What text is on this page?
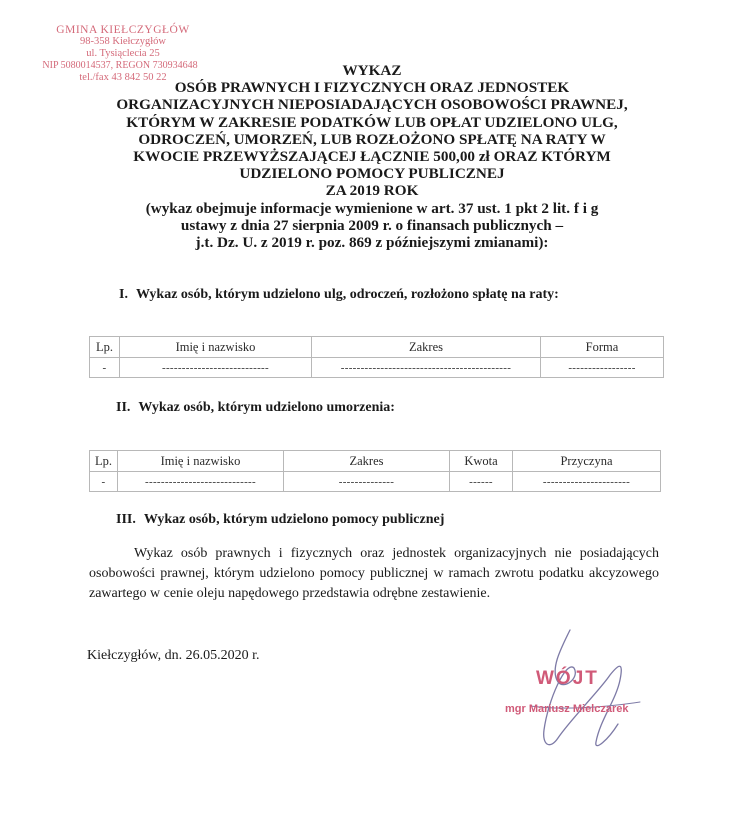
GMINA KIEŁCZYGŁÓW
98-358 Kiełczygłów
ul. Tysiąclecia 25
NIP 5080014537, REGON 730934648
tel./fax 43 842 50 22	WYKAZ
OSÓB PRAWNYCH I FIZYCZNYCH ORAZ JEDNOSTEK
ORGANIZACYJNYCH NIEPOSIADAJĄCYCH OSOBOWOŚCI PRAWNEJ,
KTÓRYM W ZAKRESIE PODATKÓW LUB OPŁAT UDZIELONO ULG,
ODROCZEŃ, UMORZEŃ, LUB ROZŁOŻONO SPŁATĘ NA RATY W
KWOCIE PRZEWYŻSZAJĄCEJ ŁĄCZNIE 500,00 zł ORAZ KTÓRYM
UDZIELONO POMOCY PUBLICZNEJ
ZA 2019 ROK
(wykaz obejmuje informacje wymienione w art. 37 ust. 1 pkt 2 lit. f i g
ustawy z dnia 27 sierpnia 2009 r. o finansach publicznych –
j.t. Dz. U. z 2019 r. poz. 869 z późniejszymi zmianami):
I. Wykaz osób, którym udzielono ulg, odroczeń, rozłożono spłatę na raty:
Lp.	Imię i nazwisko	Zakres	Forma
-	---------------------------	-------------------------------------------	-----------------
II. Wykaz osób, którym udzielono umorzenia:
Lp.	Imię i nazwisko	Zakres	Kwota	Przyczyna
-	----------------------------	--------------	------	----------------------
III. Wykaz osób, którym udzielono pomocy publicznej
Wykaz osób prawnych i fizycznych oraz jednostek organizacyjnych nie posiadających osobowości prawnej, którym udzielono pomocy publicznej w ramach zwrotu podatku akcyzowego zawartego w cenie oleju napędowego przedstawia odrębne zestawienie.
Kiełczygłów, dn. 26.05.2020 r.
WÓJT
mgr Mariusz Mielczarek
